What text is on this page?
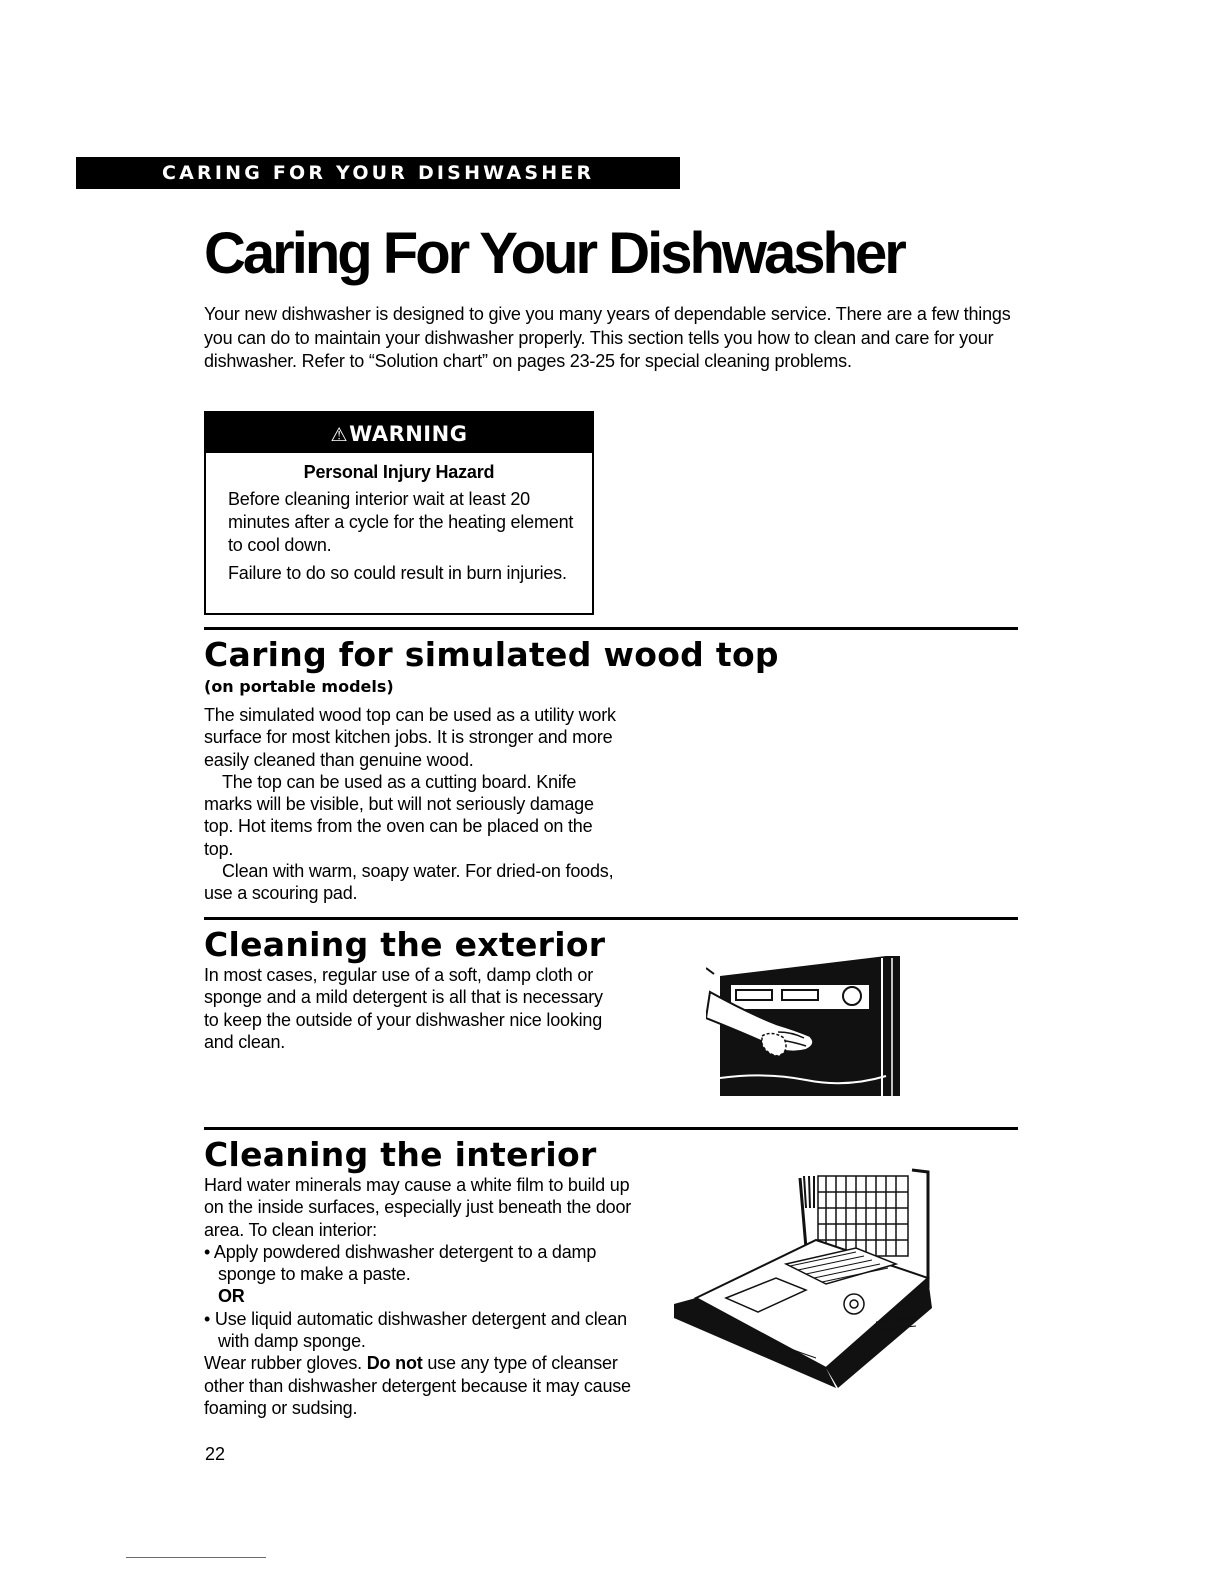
CARING FOR YOUR DISHWASHER
Caring For Your Dishwasher

Your new dishwasher is designed to give you many years of dependable service. There are a few things you can do to maintain your dishwasher properly. This section tells you how to clean and care for your dishwasher. Refer to “Solution chart” on pages 23-25 for special cleaning problems.

⚠WARNING

Personal Injury Hazard

Before cleaning interior wait at least 20 minutes after a cycle for the heating element to cool down.

Failure to do so could result in burn injuries.

Caring for simulated wood top

(on portable models)

The simulated wood top can be used as a utility work surface for most kitchen jobs. It is stronger and more easily cleaned than genuine wood.

The top can be used as a cutting board. Knife marks will be visible, but will not seriously damage top. Hot items from the oven can be placed on the top.

Clean with warm, soapy water. For dried-on foods, use a scouring pad.

Cleaning the exterior

In most cases, regular use of a soft, damp cloth or sponge and a mild detergent is all that is necessary to keep the outside of your dishwasher nice looking and clean.

Cleaning the interior

Hard water minerals may cause a white film to build up on the inside surfaces, especially just beneath the door area. To clean interior:

• Apply powdered dishwasher detergent to a damp sponge to make a paste.

OR

• Use liquid automatic dishwasher detergent and clean with damp sponge.

Wear rubber gloves. Do not use any type of cleanser other than dishwasher detergent because it may cause foaming or sudsing.

22
